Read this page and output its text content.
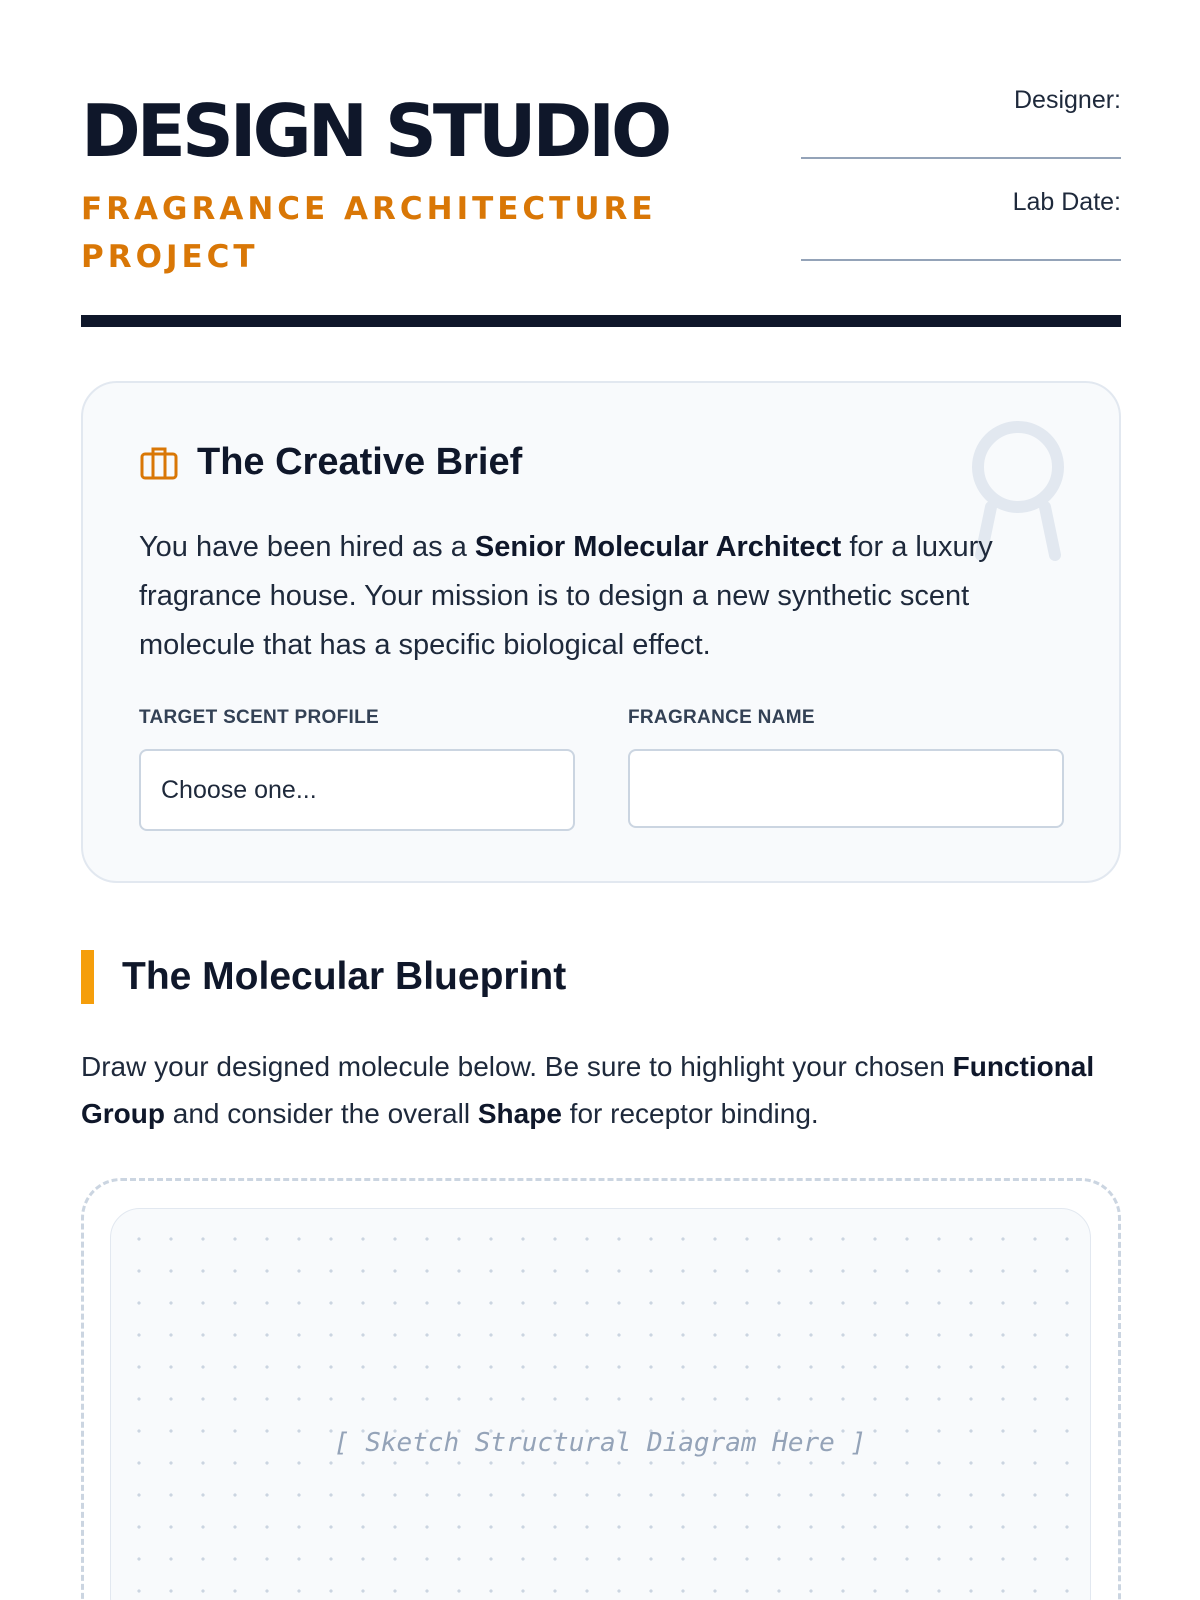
DESIGN STUDIO
FRAGRANCE ARCHITECTURE PROJECT
Designer:
Lab Date:
The Creative Brief

You have been hired as a Senior Molecular Architect for a luxury fragrance house. Your mission is to design a new synthetic scent molecule that has a specific biological effect.

TARGET SCENT PROFILE
Choose one...
FRAGRANCE NAME
The Molecular Blueprint

Draw your designed molecule below. Be sure to highlight your chosen Functional Group and consider the overall Shape for receptor binding.

[ Sketch Structural Diagram Here ]
